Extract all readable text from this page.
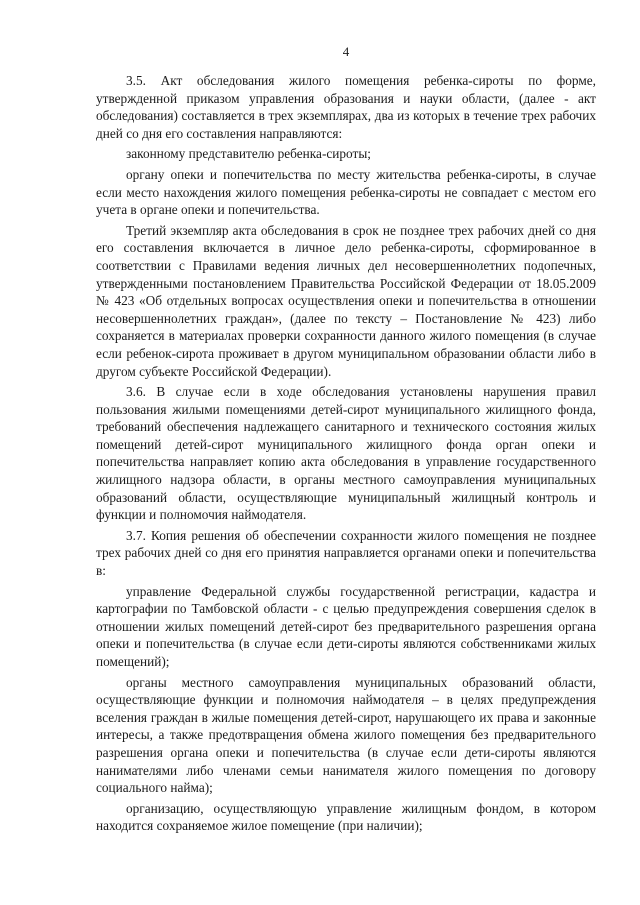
4

3.5. Акт обследования жилого помещения ребенка-сироты по форме, утвержденной приказом управления образования и науки области, (далее - акт обследования) составляется в трех экземплярах, два из которых в течение трех рабочих дней со дня его составления направляются:

законному представителю ребенка-сироты;

органу опеки и попечительства по месту жительства ребенка-сироты, в случае если место нахождения жилого помещения ребенка-сироты не совпадает с местом его учета в органе опеки и попечительства.

Третий экземпляр акта обследования в срок не позднее трех рабочих дней со дня его составления включается в личное дело ребенка-сироты, сформированное в соответствии с Правилами ведения личных дел несовершеннолетних подопечных, утвержденными постановлением Правительства Российской Федерации от 18.05.2009 № 423 «Об отдельных вопросах осуществления опеки и попечительства в отношении несовершеннолетних граждан», (далее по тексту – Постановление № 423) либо сохраняется в материалах проверки сохранности данного жилого помещения (в случае если ребенок-сирота проживает в другом муниципальном образовании области либо в другом субъекте Российской Федерации).

3.6. В случае если в ходе обследования установлены нарушения правил пользования жилыми помещениями детей-сирот муниципального жилищного фонда, требований обеспечения надлежащего санитарного и технического состояния жилых помещений детей-сирот муниципального жилищного фонда орган опеки и попечительства направляет копию акта обследования в управление государственного жилищного надзора области, в органы местного самоуправления муниципальных образований области, осуществляющие муниципальный жилищный контроль и функции и полномочия наймодателя.

3.7. Копия решения об обеспечении сохранности жилого помещения не позднее трех рабочих дней со дня его принятия направляется органами опеки и попечительства в:

управление Федеральной службы государственной регистрации, кадастра и картографии по Тамбовской области - с целью предупреждения совершения сделок в отношении жилых помещений детей-сирот без предварительного разрешения органа опеки и попечительства (в случае если дети-сироты являются собственниками жилых помещений);

органы местного самоуправления муниципальных образований области, осуществляющие функции и полномочия наймодателя – в целях предупреждения вселения граждан в жилые помещения детей-сирот, нарушающего их права и законные интересы, а также предотвращения обмена жилого помещения без предварительного разрешения органа опеки и попечительства (в случае если дети-сироты являются нанимателями либо членами семьи нанимателя жилого помещения по договору социального найма);

организацию, осуществляющую управление жилищным фондом, в котором находится сохраняемое жилое помещение (при наличии);
